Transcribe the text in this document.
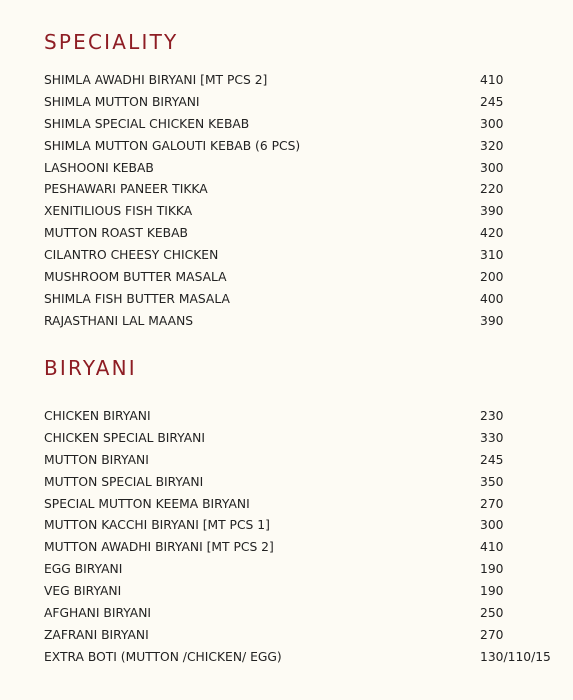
SPECIALITY
SHIMLA AWADHI BIRYANI [MT PCS 2]	410
SHIMLA MUTTON BIRYANI	245
SHIMLA SPECIAL CHICKEN KEBAB	300
SHIMLA MUTTON GALOUTI KEBAB (6 PCS)	320
LASHOONI KEBAB	300
PESHAWARI PANEER TIKKA	220
XENITILIOUS FISH TIKKA	390
MUTTON ROAST KEBAB	420
CILANTRO CHEESY CHICKEN	310
MUSHROOM BUTTER MASALA	200
SHIMLA FISH BUTTER MASALA	400
RAJASTHANI LAL MAANS	390
BIRYANI
CHICKEN BIRYANI	230
CHICKEN SPECIAL BIRYANI	330
MUTTON BIRYANI	245
MUTTON SPECIAL BIRYANI	350
SPECIAL MUTTON KEEMA BIRYANI	270
MUTTON KACCHI BIRYANI [MT PCS 1]	300
MUTTON AWADHI BIRYANI [MT PCS 2]	410
EGG BIRYANI	190
VEG BIRYANI	190
AFGHANI BIRYANI	250
ZAFRANI BIRYANI	270
EXTRA BOTI (MUTTON /CHICKEN/ EGG)	130/110/15
